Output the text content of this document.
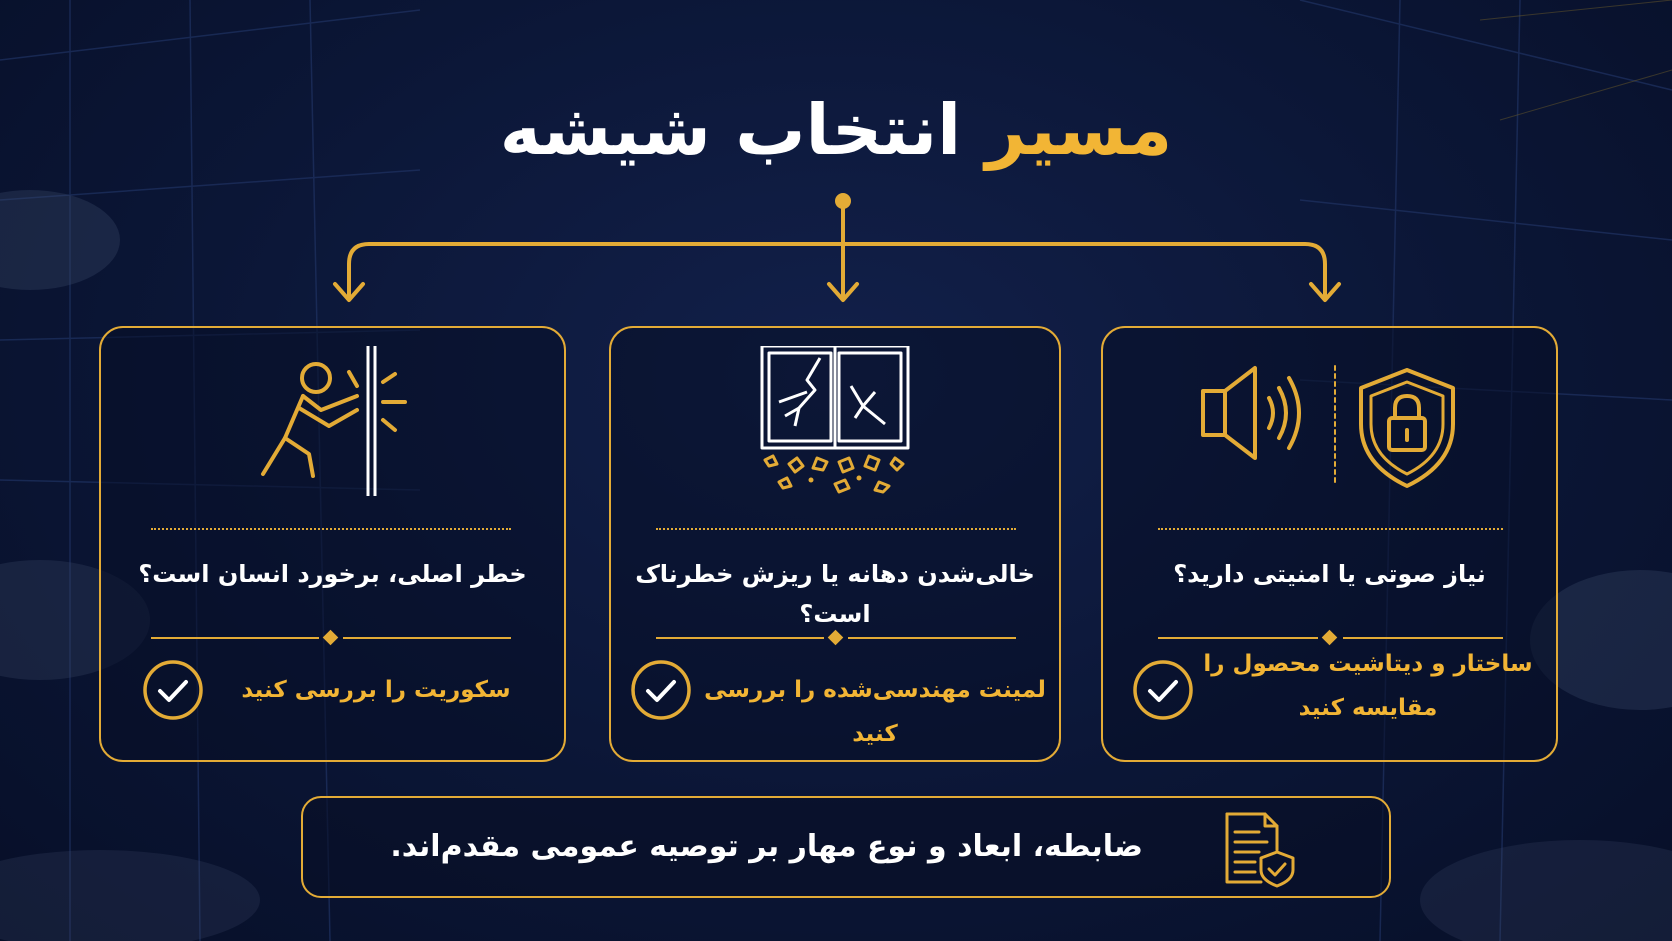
مسیر انتخاب شیشه
خطر اصلی، برخورد انسان است؟
سکوریت را بررسی کنید
خالی‌شدن دهانه یا ریزش خطرناک است؟
لمینت مهندسی‌شده را بررسی کنید
نیاز صوتی یا امنیتی دارید؟
ساختار و دیتاشیت محصول را
مقایسه کنید
ضابطه، ابعاد و نوع مهار بر توصیه عمومی مقدم‌اند.
